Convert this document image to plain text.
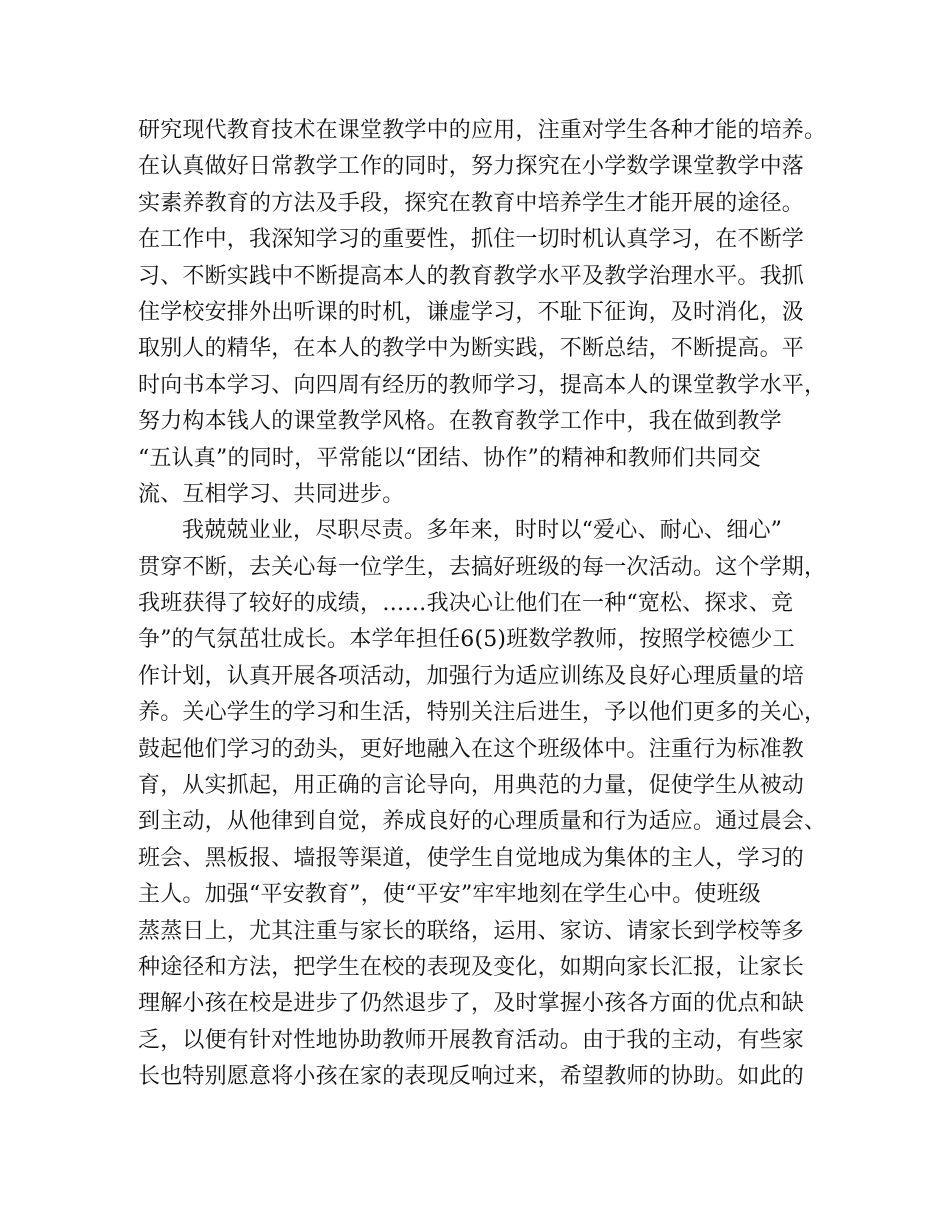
研究现代教育技术在课堂教学中的应用，注重对学生各种才能的培养。
在认真做好日常教学工作的同时，努力探究在小学数学课堂教学中落
实素养教育的方法及手段，探究在教育中培养学生才能开展的途径。
在工作中，我深知学习的重要性，抓住一切时机认真学习，在不断学
习、不断实践中不断提高本人的教育教学水平及教学治理水平。我抓
住学校安排外出听课的时机，谦虚学习，不耻下征询，及时消化，汲
取别人的精华，在本人的教学中为断实践，不断总结，不断提高。平
时向书本学习、向四周有经历的教师学习，提高本人的课堂教学水平，
努力构本钱人的课堂教学风格。在教育教学工作中，我在做到教学
“五认真”的同时，平常能以“团结、协作”的精神和教师们共同交
流、互相学习、共同进步。
我兢兢业业，尽职尽责。多年来，时时以“爱心、耐心、细心”
贯穿不断，去关心每一位学生，去搞好班级的每一次活动。这个学期，
我班获得了较好的成绩，……我决心让他们在一种“宽松、探求、竞
争”的气氛茁壮成长。本学年担任6(5)班数学教师，按照学校德少工
作计划，认真开展各项活动，加强行为适应训练及良好心理质量的培
养。关心学生的学习和生活，特别关注后进生，予以他们更多的关心，
鼓起他们学习的劲头，更好地融入在这个班级体中。注重行为标准教
育，从实抓起，用正确的言论导向，用典范的力量，促使学生从被动
到主动，从他律到自觉，养成良好的心理质量和行为适应。通过晨会、
班会、黑板报、墙报等渠道，使学生自觉地成为集体的主人，学习的
主人。加强“平安教育”，使“平安”牢牢地刻在学生心中。使班级
蒸蒸日上，尤其注重与家长的联络，运用、家访、请家长到学校等多
种途径和方法，把学生在校的表现及变化，如期向家长汇报，让家长
理解小孩在校是进步了仍然退步了，及时掌握小孩各方面的优点和缺
乏，以便有针对性地协助教师开展教育活动。由于我的主动，有些家
长也特别愿意将小孩在家的表现反响过来，希望教师的协助。如此的
